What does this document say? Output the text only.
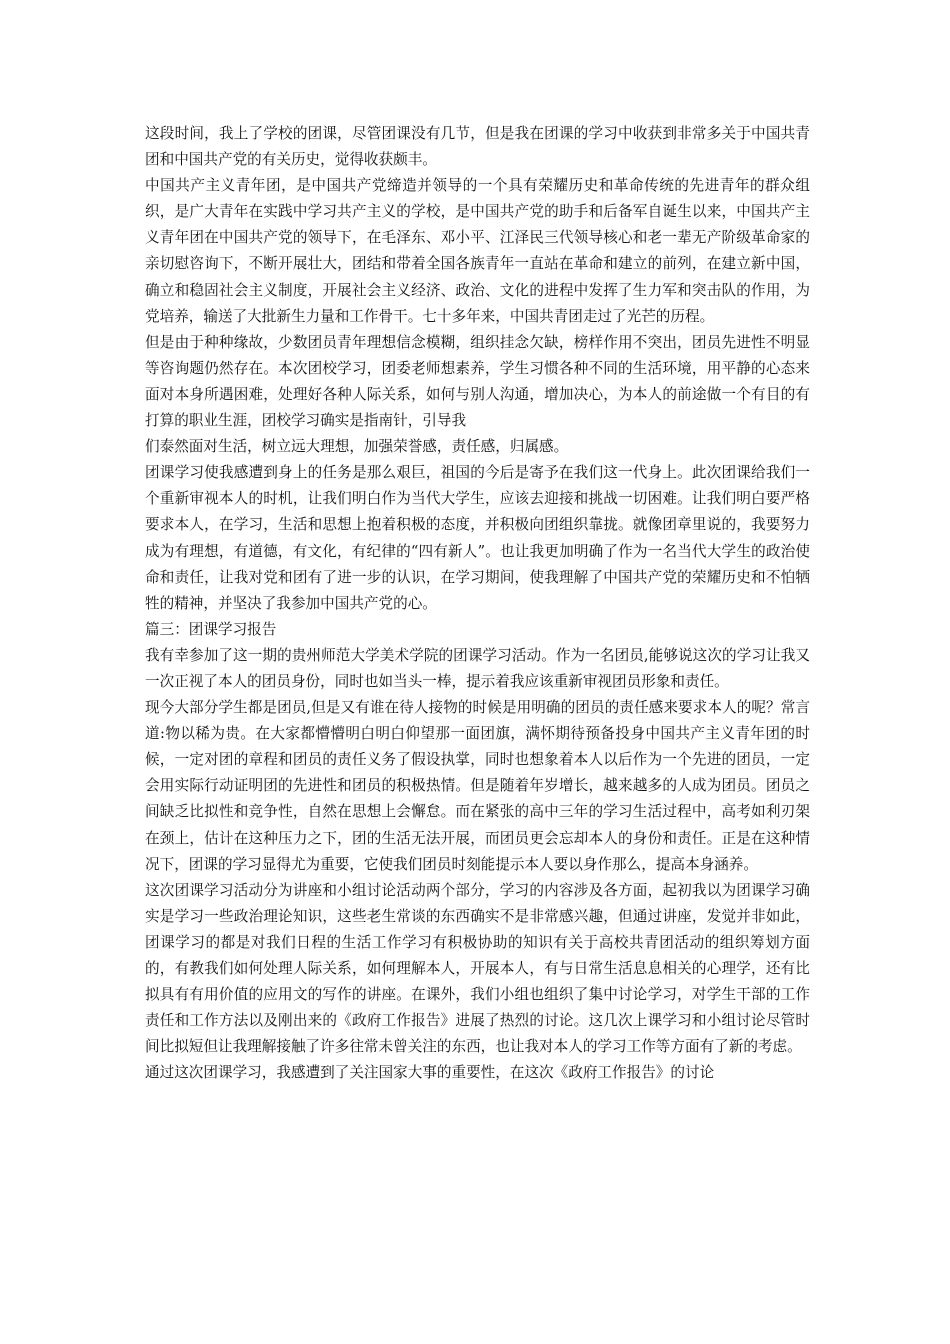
这段时间，我上了学校的团课，尽管团课没有几节，但是我在团课的学习中收获到非常多关于中国共青团和中国共产党的有关历史，觉得收获颇丰。

中国共产主义青年团，是中国共产党缔造并领导的一个具有荣耀历史和革命传统的先进青年的群众组织，是广大青年在实践中学习共产主义的学校，是中国共产党的助手和后备军自诞生以来，中国共产主义青年团在中国共产党的领导下，在毛泽东、邓小平、江泽民三代领导核心和老一辈无产阶级革命家的亲切慰咨询下，不断开展壮大，团结和带着全国各族青年一直站在革命和建立的前列，在建立新中国，确立和稳固社会主义制度，开展社会主义经济、政治、文化的进程中发挥了生力军和突击队的作用，为党培养，输送了大批新生力量和工作骨干。七十多年来，中国共青团走过了光芒的历程。

但是由于种种缘故，少数团员青年理想信念模糊，组织挂念欠缺，榜样作用不突出，团员先进性不明显等咨询题仍然存在。本次团校学习，团委老师想素养，学生习惯各种不同的生活环境，用平静的心态来面对本身所遇困难，处理好各种人际关系，如何与别人沟通，增加决心，为本人的前途做一个有目的有打算的职业生涯，团校学习确实是指南针，引导我

们泰然面对生活，树立远大理想，加强荣誉感，责任感，归属感。

团课学习使我感遭到身上的任务是那么艰巨，祖国的今后是寄予在我们这一代身上。此次团课给我们一个重新审视本人的时机，让我们明白作为当代大学生，应该去迎接和挑战一切困难。让我们明白要严格要求本人，在学习，生活和思想上抱着积极的态度，并积极向团组织靠拢。就像团章里说的，我要努力成为有理想，有道德，有文化，有纪律的“四有新人”。也让我更加明确了作为一名当代大学生的政治使命和责任，让我对党和团有了进一步的认识，在学习期间，使我理解了中国共产党的荣耀历史和不怕牺牲的精神，并坚决了我参加中国共产党的心。

篇三：团课学习报告

我有幸参加了这一期的贵州师范大学美术学院的团课学习活动。作为一名团员,能够说这次的学习让我又一次正视了本人的团员身份，同时也如当头一棒，提示着我应该重新审视团员形象和责任。

现今大部分学生都是团员,但是又有谁在待人接物的时候是用明确的团员的责任感来要求本人的呢？常言道:物以稀为贵。在大家都懵懵明白明白仰望那一面团旗，满怀期待预备投身中国共产主义青年团的时候，一定对团的章程和团员的责任义务了假设执掌，同时也想象着本人以后作为一个先进的团员，一定会用实际行动证明团的先进性和团员的积极热情。但是随着年岁增长，越来越多的人成为团员。团员之间缺乏比拟性和竞争性，自然在思想上会懈怠。而在紧张的高中三年的学习生活过程中，高考如利刃架在颈上，估计在这种压力之下，团的生活无法开展，而团员更会忘却本人的身份和责任。正是在这种情况下，团课的学习显得尤为重要，它使我们团员时刻能提示本人要以身作那么，提高本身涵养。

这次团课学习活动分为讲座和小组讨论活动两个部分，学习的内容涉及各方面，起初我以为团课学习确实是学习一些政治理论知识，这些老生常谈的东西确实不是非常感兴趣，但通过讲座，发觉并非如此，团课学习的都是对我们日程的生活工作学习有积极协助的知识有关于高校共青团活动的组织筹划方面的，有教我们如何处理人际关系，如何理解本人，开展本人，有与日常生活息息相关的心理学，还有比拟具有有用价值的应用文的写作的讲座。在课外，我们小组也组织了集中讨论学习，对学生干部的工作责任和工作方法以及刚出来的《政府工作报告》进展了热烈的讨论。这几次上课学习和小组讨论尽管时间比拟短但让我理解接触了许多往常未曾关注的东西，也让我对本人的学习工作等方面有了新的考虑。

通过这次团课学习，我感遭到了关注国家大事的重要性，在这次《政府工作报告》的讨论
